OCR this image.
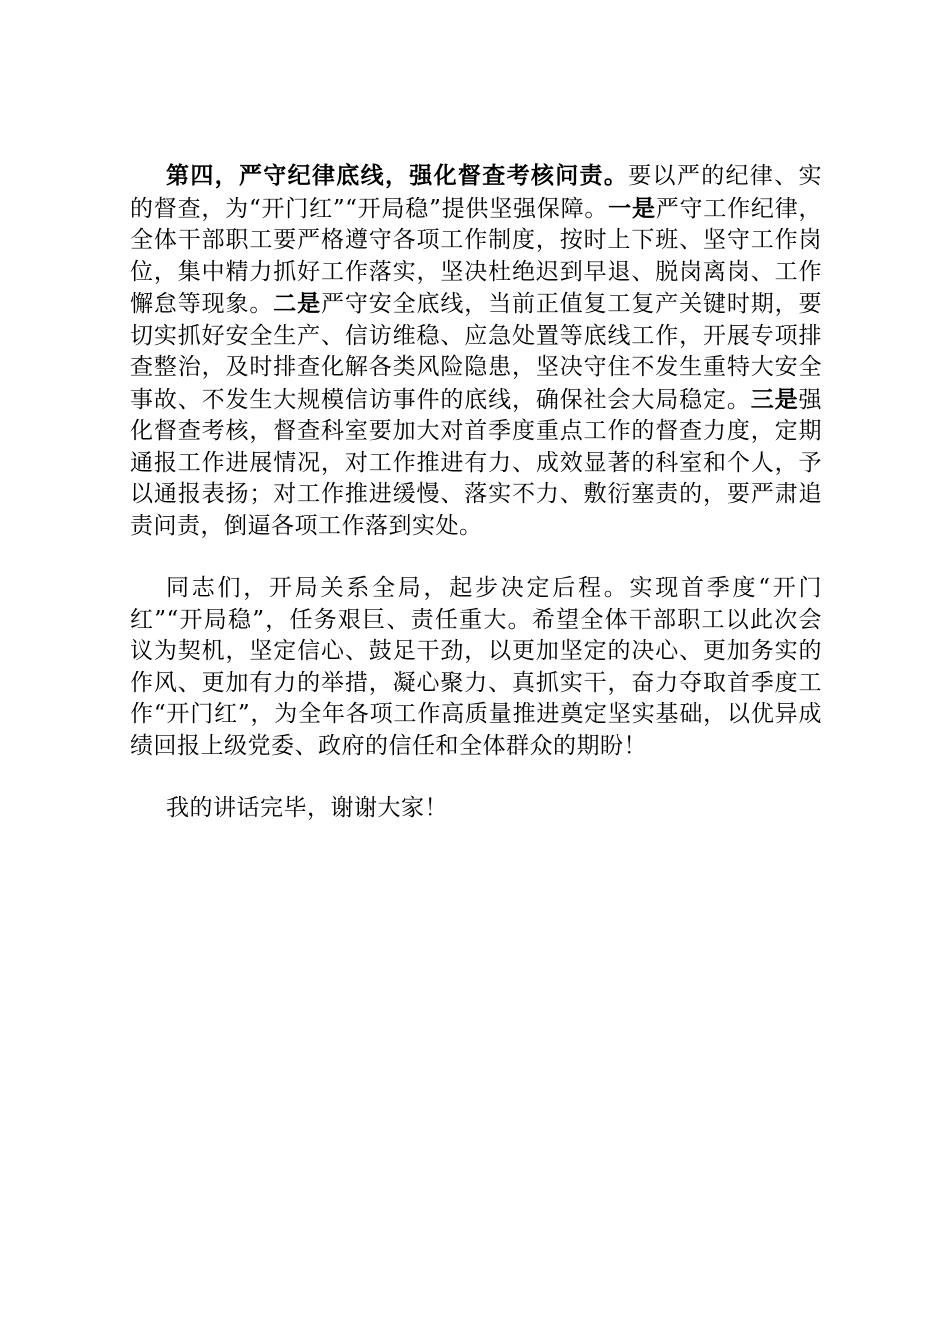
第四，严守纪律底线，强化督查考核问责。要以严的纪律、实的督查，为“开门红”“开局稳”提供坚强保障。一是严守工作纪律，全体干部职工要严格遵守各项工作制度，按时上下班、坚守工作岗位，集中精力抓好工作落实，坚决杜绝迟到早退、脱岗离岗、工作懈怠等现象。二是严守安全底线，当前正值复工复产关键时期，要切实抓好安全生产、信访维稳、应急处置等底线工作，开展专项排查整治，及时排查化解各类风险隐患，坚决守住不发生重特大安全事故、不发生大规模信访事件的底线，确保社会大局稳定。三是强化督查考核，督查科室要加大对首季度重点工作的督查力度，定期通报工作进展情况，对工作推进有力、成效显著的科室和个人，予以通报表扬；对工作推进缓慢、落实不力、敷衍塞责的，要严肃追责问责，倒逼各项工作落到实处。

同志们，开局关系全局，起步决定后程。实现首季度“开门红”“开局稳”，任务艰巨、责任重大。希望全体干部职工以此次会议为契机，坚定信心、鼓足干劲，以更加坚定的决心、更加务实的作风、更加有力的举措，凝心聚力、真抓实干，奋力夺取首季度工作“开门红”，为全年各项工作高质量推进奠定坚实基础，以优异成绩回报上级党委、政府的信任和全体群众的期盼！

我的讲话完毕，谢谢大家！
